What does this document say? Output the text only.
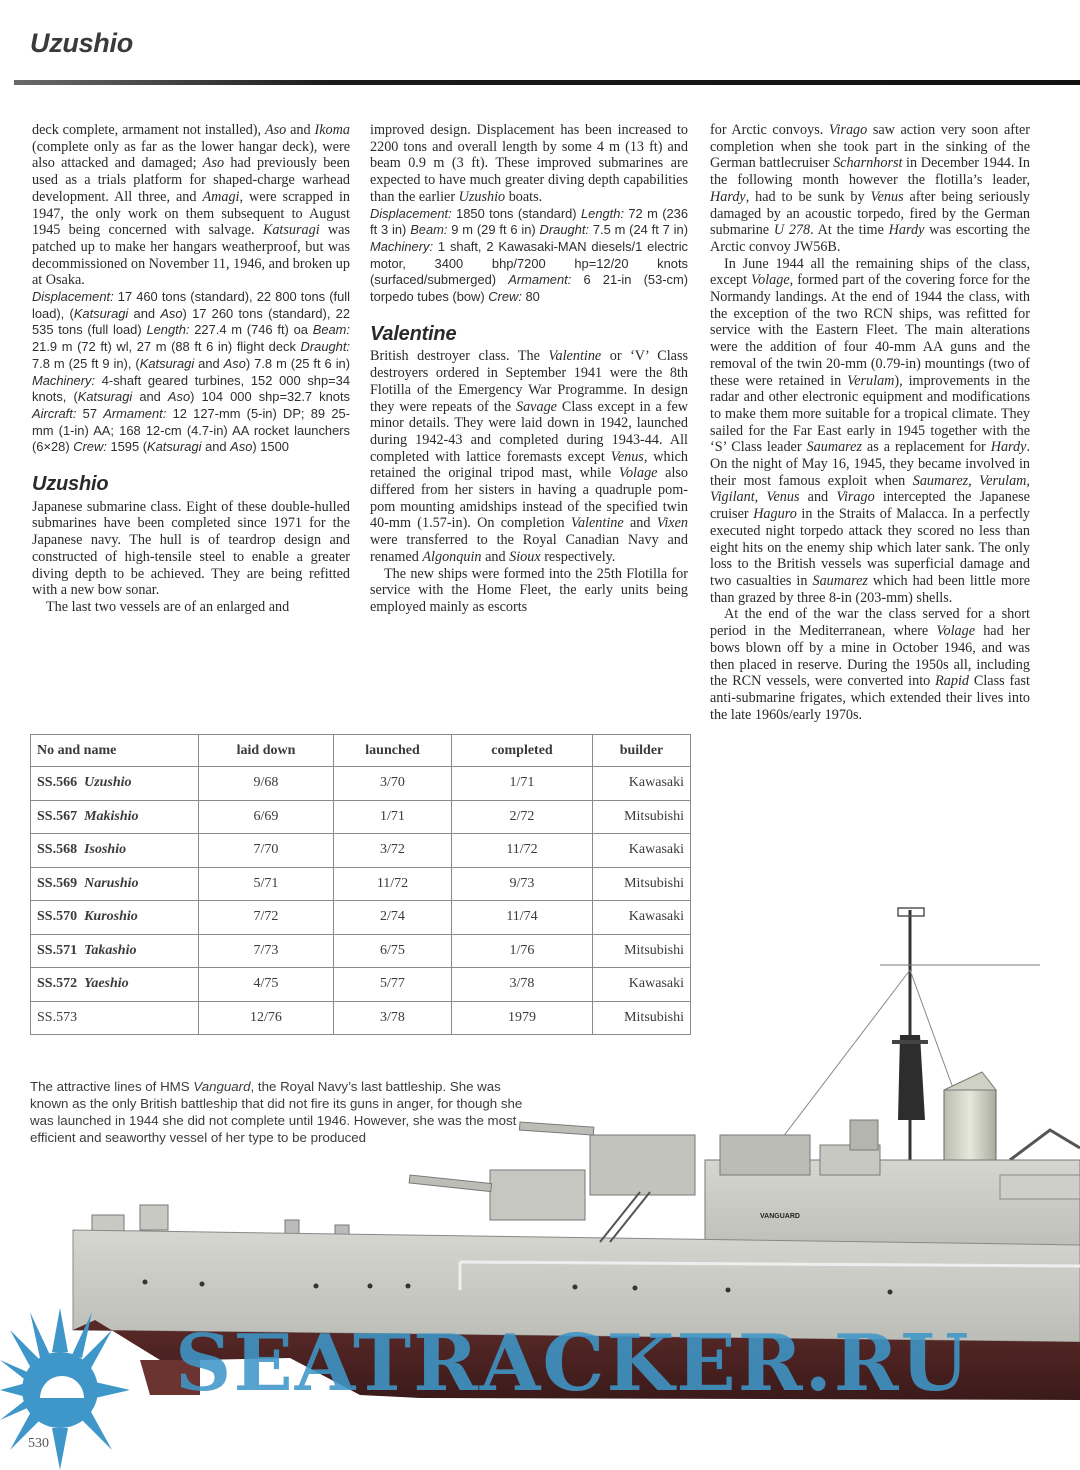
Uzushio

deck complete, armament not installed), Aso and Ikoma (complete only as far as the lower hangar deck), were also attacked and damaged; Aso had previously been used as a trials platform for shaped-charge warhead development. All three, and Amagi, were scrapped in 1947, the only work on them subsequent to August 1945 being concerned with salvage. Katsuragi was patched up to make her hangars weatherproof, but was decommissioned on November 11, 1946, and broken up at Osaka.

Displacement: 17 460 tons (standard), 22 800 tons (full load), (Katsuragi and Aso) 17 260 tons (standard), 22 535 tons (full load) Length: 227.4 m (746 ft) oa Beam: 21.9 m (72 ft) wl, 27 m (88 ft 6 in) flight deck Draught: 7.8 m (25 ft 9 in), (Katsuragi and Aso) 7.8 m (25 ft 6 in) Machinery: 4-shaft geared turbines, 152 000 shp=34 knots, (Katsuragi and Aso) 104 000 shp=32.7 knots Aircraft: 57 Armament: 12 127-mm (5-in) DP; 89 25-mm (1-in) AA; 168 12-cm (4.7-in) AA rocket launchers (6×28) Crew: 1595 (Katsuragi and Aso) 1500

Uzushio

Japanese submarine class. Eight of these double-hulled submarines have been completed since 1971 for the Japanese navy. The hull is of teardrop design and constructed of high-tensile steel to enable a greater diving depth to be achieved. They are being refitted with a new bow sonar.

The last two vessels are of an enlarged and

improved design. Displacement has been increased to 2200 tons and overall length by some 4 m (13 ft) and beam 0.9 m (3 ft). These improved submarines are expected to have much greater diving depth capabilities than the earlier Uzushio boats.

Displacement: 1850 tons (standard) Length: 72 m (236 ft 3 in) Beam: 9 m (29 ft 6 in) Draught: 7.5 m (24 ft 7 in) Machinery: 1 shaft, 2 Kawasaki-MAN diesels/1 electric motor, 3400 bhp/7200 hp=12/20 knots (surfaced/submerged) Armament: 6 21-in (53-cm) torpedo tubes (bow) Crew: 80

Valentine

British destroyer class. The Valentine or ‘V’ Class destroyers ordered in September 1941 were the 8th Flotilla of the Emergency War Programme. In design they were repeats of the Savage Class except in a few minor details. They were laid down in 1942, launched during 1942-43 and completed during 1943-44. All completed with lattice foremasts except Venus, which retained the original tripod mast, while Volage also differed from her sisters in having a quadruple pom-pom mounting amidships instead of the specified twin 40-mm (1.57-in). On completion Valentine and Vixen were transferred to the Royal Canadian Navy and renamed Algonquin and Sioux respectively.

The new ships were formed into the 25th Flotilla for service with the Home Fleet, the early units being employed mainly as escorts

for Arctic convoys. Virago saw action very soon after completion when she took part in the sinking of the German battlecruiser Scharnhorst in December 1944. In the following month however the flotilla’s leader, Hardy, had to be sunk by Venus after being seriously damaged by an acoustic torpedo, fired by the German submarine U 278. At the time Hardy was escorting the Arctic convoy JW56B.

In June 1944 all the remaining ships of the class, except Volage, formed part of the covering force for the Normandy landings. At the end of 1944 the class, with the exception of the two RCN ships, was refitted for service with the Eastern Fleet. The main alterations were the addition of four 40-mm AA guns and the removal of the twin 20-mm (0.79-in) mountings (two of these were retained in Verulam), improvements in the radar and other electronic equipment and modifications to make them more suitable for a tropical climate. They sailed for the Far East early in 1945 together with the ‘S’ Class leader Saumarez as a replacement for Hardy. On the night of May 16, 1945, they became involved in their most famous exploit when Saumarez, Verulam, Vigilant, Venus and Virago intercepted the Japanese cruiser Haguro in the Straits of Malacca. In a perfectly executed night torpedo attack they scored no less than eight hits on the enemy ship which later sank. The only loss to the British vessels was superficial damage and two casualties in Saumarez which had been little more than grazed by three 8-in (203-mm) shells.

At the end of the war the class served for a short period in the Mediterranean, where Volage had her bows blown off by a mine in October 1946, and was then placed in reserve. During the 1950s all, including the RCN vessels, were converted into Rapid Class fast anti-submarine frigates, which extended their lives into the late 1960s/early 1970s.

VANGUARD
No and name	laid down	launched	completed	builder
SS.566 Uzushio	9/68	3/70	1/71	Kawasaki
SS.567 Makishio	6/69	1/71	2/72	Mitsubishi
SS.568 Isoshio	7/70	3/72	11/72	Kawasaki
SS.569 Narushio	5/71	11/72	9/73	Mitsubishi
SS.570 Kuroshio	7/72	2/74	11/74	Kawasaki
SS.571 Takashio	7/73	6/75	1/76	Mitsubishi
SS.572 Yaeshio	4/75	5/77	3/78	Kawasaki
SS.573	12/76	3/78	1979	Mitsubishi
The attractive lines of HMS Vanguard, the Royal Navy’s last battleship. She was known as the only British battleship that did not fire its guns in anger, for though she was launched in 1944 she did not complete until 1946. However, she was the most efficient and seaworthy vessel of her type to be produced
SEATRACKER.RU
530
